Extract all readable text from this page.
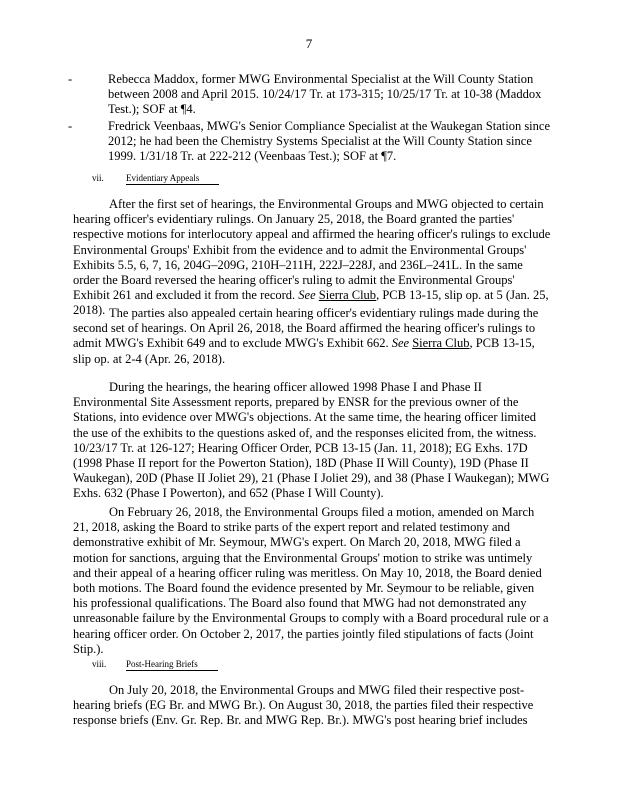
7
-	Rebecca Maddox, former MWG Environmental Specialist at the Will County Station between 2008 and April 2015. 10/24/17 Tr. at 173-315; 10/25/17 Tr. at 10-38 (Maddox Test.); SOF at ¶4.
-	Fredrick Veenbaas, MWG's Senior Compliance Specialist at the Waukegan Station since 2012; he had been the Chemistry Systems Specialist at the Will County Station since 1999. 1/31/18 Tr. at 222-212 (Veenbaas Test.); SOF at ¶7.
vii. Evidentiary Appeals

After the first set of hearings, the Environmental Groups and MWG objected to certain hearing officer's evidentiary rulings. On January 25, 2018, the Board granted the parties' respective motions for interlocutory appeal and affirmed the hearing officer's rulings to exclude Environmental Groups' Exhibit from the evidence and to admit the Environmental Groups' Exhibits 5.5, 6, 7, 16, 204G–209G, 210H–211H, 222J–228J, and 236L–241L. In the same order the Board reversed the hearing officer's ruling to admit the Environmental Groups' Exhibit 261 and excluded it from the record. See Sierra Club, PCB 13-15, slip op. at 5 (Jan. 25, 2018). The parties also appealed certain hearing officer's evidentiary rulings made during the second set of hearings. On April 26, 2018, the Board affirmed the hearing officer's rulings to admit MWG's Exhibit 649 and to exclude MWG's Exhibit 662. See Sierra Club, PCB 13-15, slip op. at 2-4 (Apr. 26, 2018).

During the hearings, the hearing officer allowed 1998 Phase I and Phase II Environmental Site Assessment reports, prepared by ENSR for the previous owner of the Stations, into evidence over MWG's objections. At the same time, the hearing officer limited the use of the exhibits to the questions asked of, and the responses elicited from, the witness. 10/23/17 Tr. at 126-127; Hearing Officer Order, PCB 13-15 (Jan. 11, 2018); EG Exhs. 17D (1998 Phase II report for the Powerton Station), 18D (Phase II Will County), 19D (Phase II Waukegan), 20D (Phase II Joliet 29), 21 (Phase I Joliet 29), and 38 (Phase I Waukegan); MWG Exhs. 632 (Phase I Powerton), and 652 (Phase I Will County).

On February 26, 2018, the Environmental Groups filed a motion, amended on March 21, 2018, asking the Board to strike parts of the expert report and related testimony and demonstrative exhibit of Mr. Seymour, MWG's expert. On March 20, 2018, MWG filed a motion for sanctions, arguing that the Environmental Groups' motion to strike was untimely and their appeal of a hearing officer ruling was meritless. On May 10, 2018, the Board denied both motions. The Board found the evidence presented by Mr. Seymour to be reliable, given his professional qualifications. The Board also found that MWG had not demonstrated any unreasonable failure by the Environmental Groups to comply with a Board procedural rule or a hearing officer order. On October 2, 2017, the parties jointly filed stipulations of facts (Joint Stip.).

viii. Post-Hearing Briefs

On July 20, 2018, the Environmental Groups and MWG filed their respective post-hearing briefs (EG Br. and MWG Br.). On August 30, 2018, the parties filed their respective response briefs (Env. Gr. Rep. Br. and MWG Rep. Br.). MWG's post hearing brief includes
